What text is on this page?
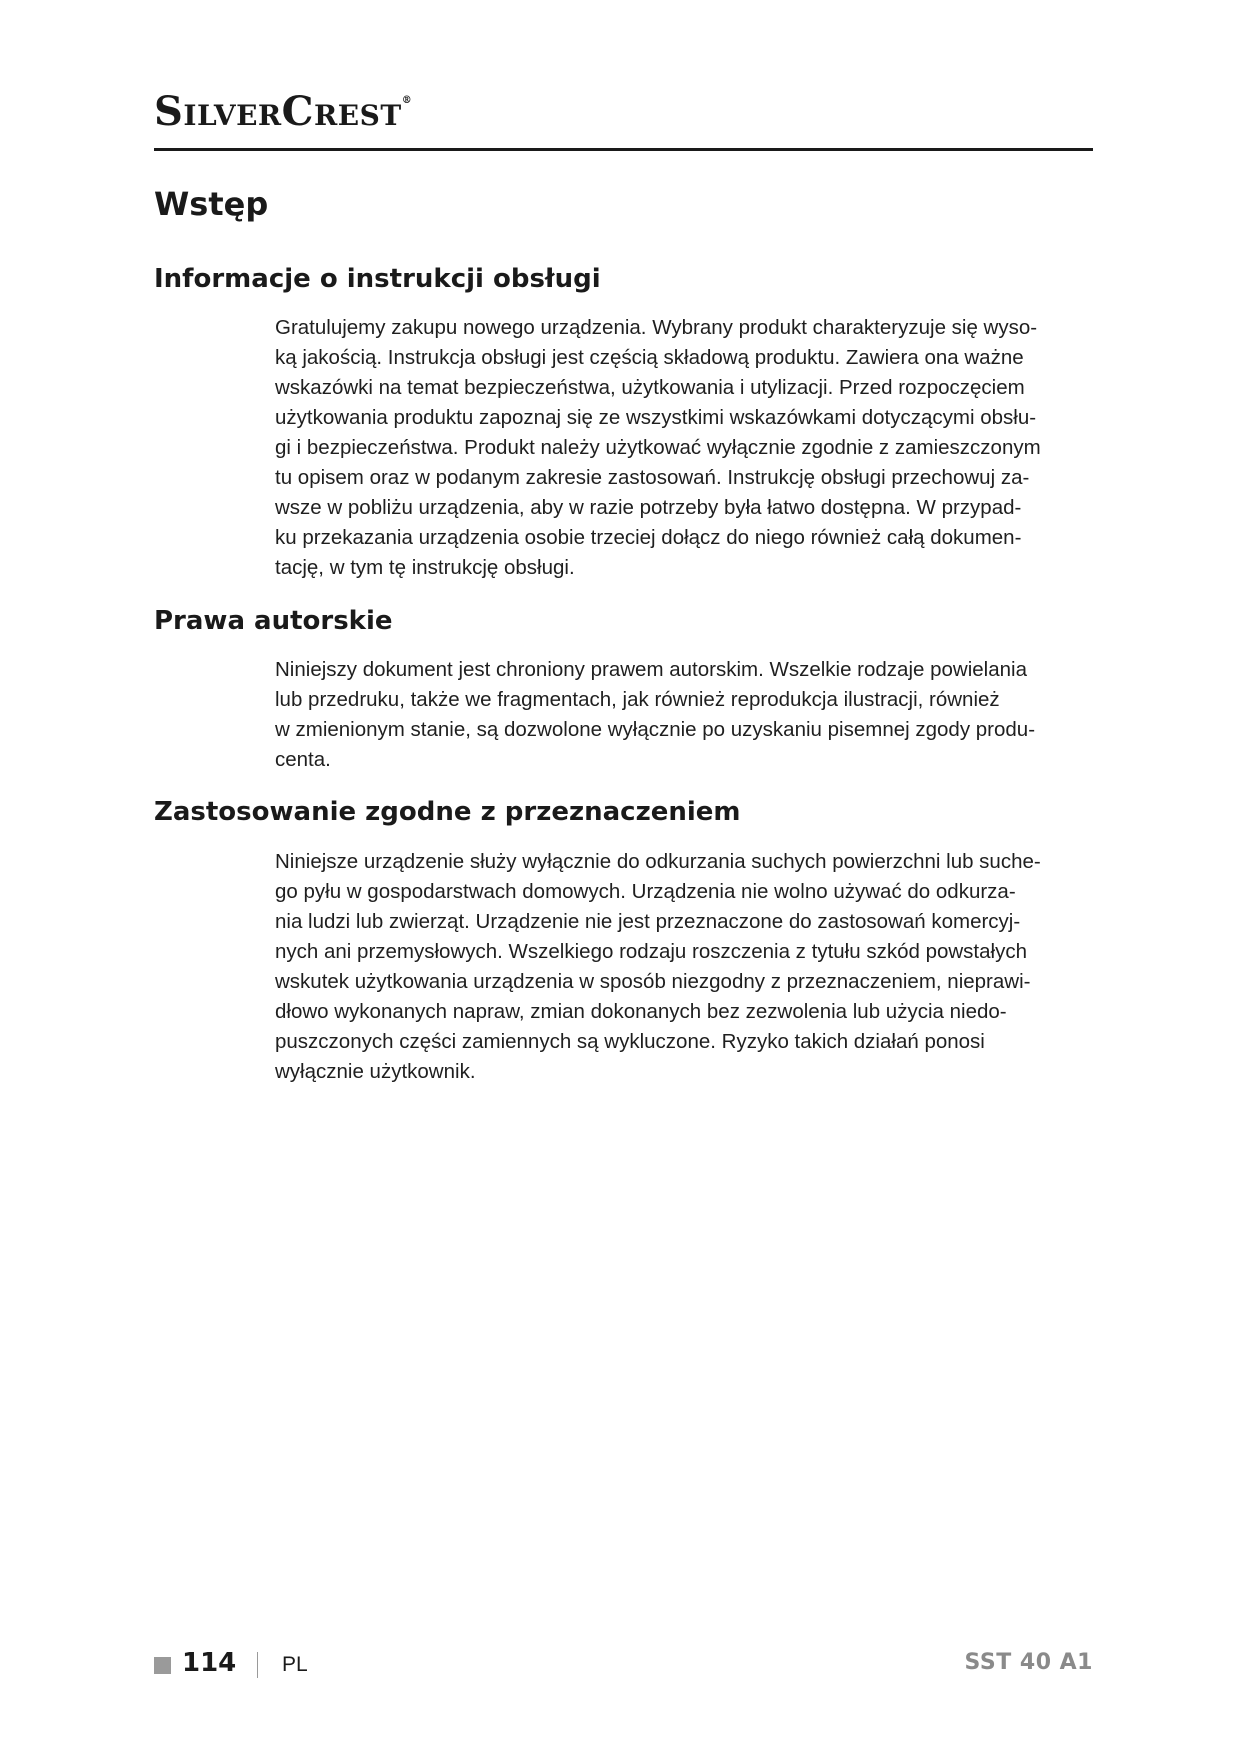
SilverCrest®
Wstęp
Informacje o instrukcji obsługi
Gratulujemy zakupu nowego urządzenia. Wybrany produkt charakteryzuje się wyso-
ką jakością. Instrukcja obsługi jest częścią składową produktu. Zawiera ona ważne
wskazówki na temat bezpieczeństwa, użytkowania i utylizacji. Przed rozpoczęciem
użytkowania produktu zapoznaj się ze wszystkimi wskazówkami dotyczącymi obsłu-
gi i bezpieczeństwa. Produkt należy użytkować wyłącznie zgodnie z zamieszczonym
tu opisem oraz w podanym zakresie zastosowań. Instrukcję obsługi przechowuj za-
wsze w pobliżu urządzenia, aby w razie potrzeby była łatwo dostępna. W przypad-
ku przekazania urządzenia osobie trzeciej dołącz do niego również całą dokumen-
tację, w tym tę instrukcję obsługi.
Prawa autorskie
Niniejszy dokument jest chroniony prawem autorskim. Wszelkie rodzaje powielania
lub przedruku, także we fragmentach, jak również reprodukcja ilustracji, również
w zmienionym stanie, są dozwolone wyłącznie po uzyskaniu pisemnej zgody produ-
centa.
Zastosowanie zgodne z przeznaczeniem
Niniejsze urządzenie służy wyłącznie do odkurzania suchych powierzchni lub suche-
go pyłu w gospodarstwach domowych. Urządzenia nie wolno używać do odkurza-
nia ludzi lub zwierząt. Urządzenie nie jest przeznaczone do zastosowań komercyj-
nych ani przemysłowych. Wszelkiego rodzaju roszczenia z tytułu szkód powstałych
wskutek użytkowania urządzenia w sposób niezgodny z przeznaczeniem, nieprawi-
dłowo wykonanych napraw, zmian dokonanych bez zezwolenia lub użycia niedo-
puszczonych części zamiennych są wykluczone. Ryzyko takich działań ponosi
wyłącznie użytkownik.
114 PL	SST 40 A1
